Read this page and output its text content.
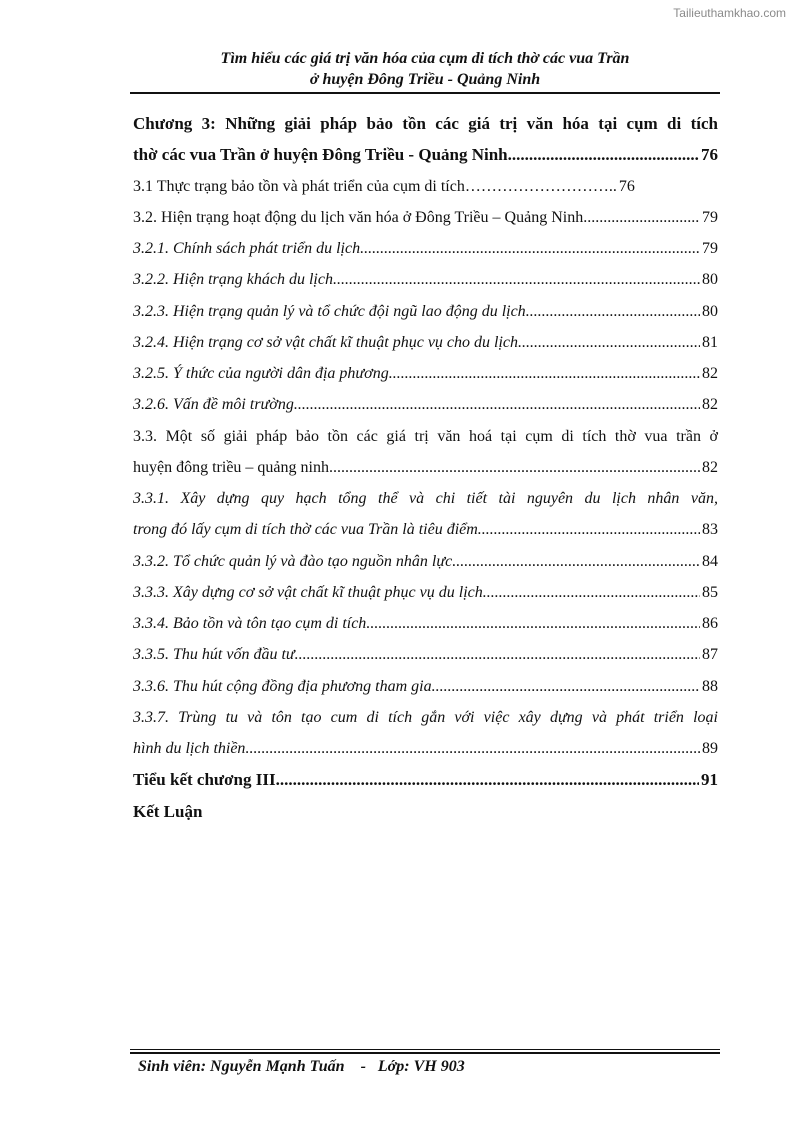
Tailieuthamkhao.com
Tìm hiểu các giá trị văn hóa của cụm di tích thờ các vua Trần
ở huyện Đông Triều - Quảng Ninh
Chương 3: Những giải pháp bảo tồn các giá trị văn hóa tại cụm di tích
thờ các vua Trần ở huyện Đông Triều - Quảng Ninh .....	76
3.1 Thực trạng bảo tồn và phát triển của cụm di tích……………………….. 76
3.2. Hiện trạng hoạt động du lịch văn hóa ở Đông Triều – Quảng Ninh .....	79
3.2.1. Chính sách phát triển du lịch .....	79
3.2.2. Hiện trạng khách du lịch .....	80
3.2.3. Hiện trạng quản lý và tổ chức đội ngũ lao động du lịch .....	80
3.2.4. Hiện trạng cơ sở vật chất kĩ thuật phục vụ cho du lịch .....	81
3.2.5. Ý thức của người dân địa phương .....	82
3.2.6. Vấn đề môi trường .....	82
3.3. Một số giải pháp bảo tồn các giá trị văn hoá tại cụm di tích thờ vua trần ở
huyện đông triều – quảng ninh .....	82
3.3.1. Xây dựng quy hạch tổng thể và chi tiết tài nguyên du lịch nhân văn,
trong đó lấy cụm di tích thờ các vua Trần là tiêu điểm .....	83
3.3.2. Tổ chức quản lý và đào tạo nguồn nhân lực .....	84
3.3.3. Xây dựng cơ sở vật chất kĩ thuật phục vụ du lịch .....	85
3.3.4. Bảo tồn và tôn tạo cụm di tích .....	86
3.3.5. Thu hút vốn đầu tư .....	87
3.3.6. Thu hút cộng đồng địa phương tham gia .....	88
3.3.7. Trùng tu và tôn tạo cum di tích gắn với việc xây dựng và phát triển loại
hình du lịch thiền .....	89
Tiểu kết chương III .....	91
Kết Luận
Sinh viên: Nguyễn Mạnh Tuấn    -   Lớp: VH 903
